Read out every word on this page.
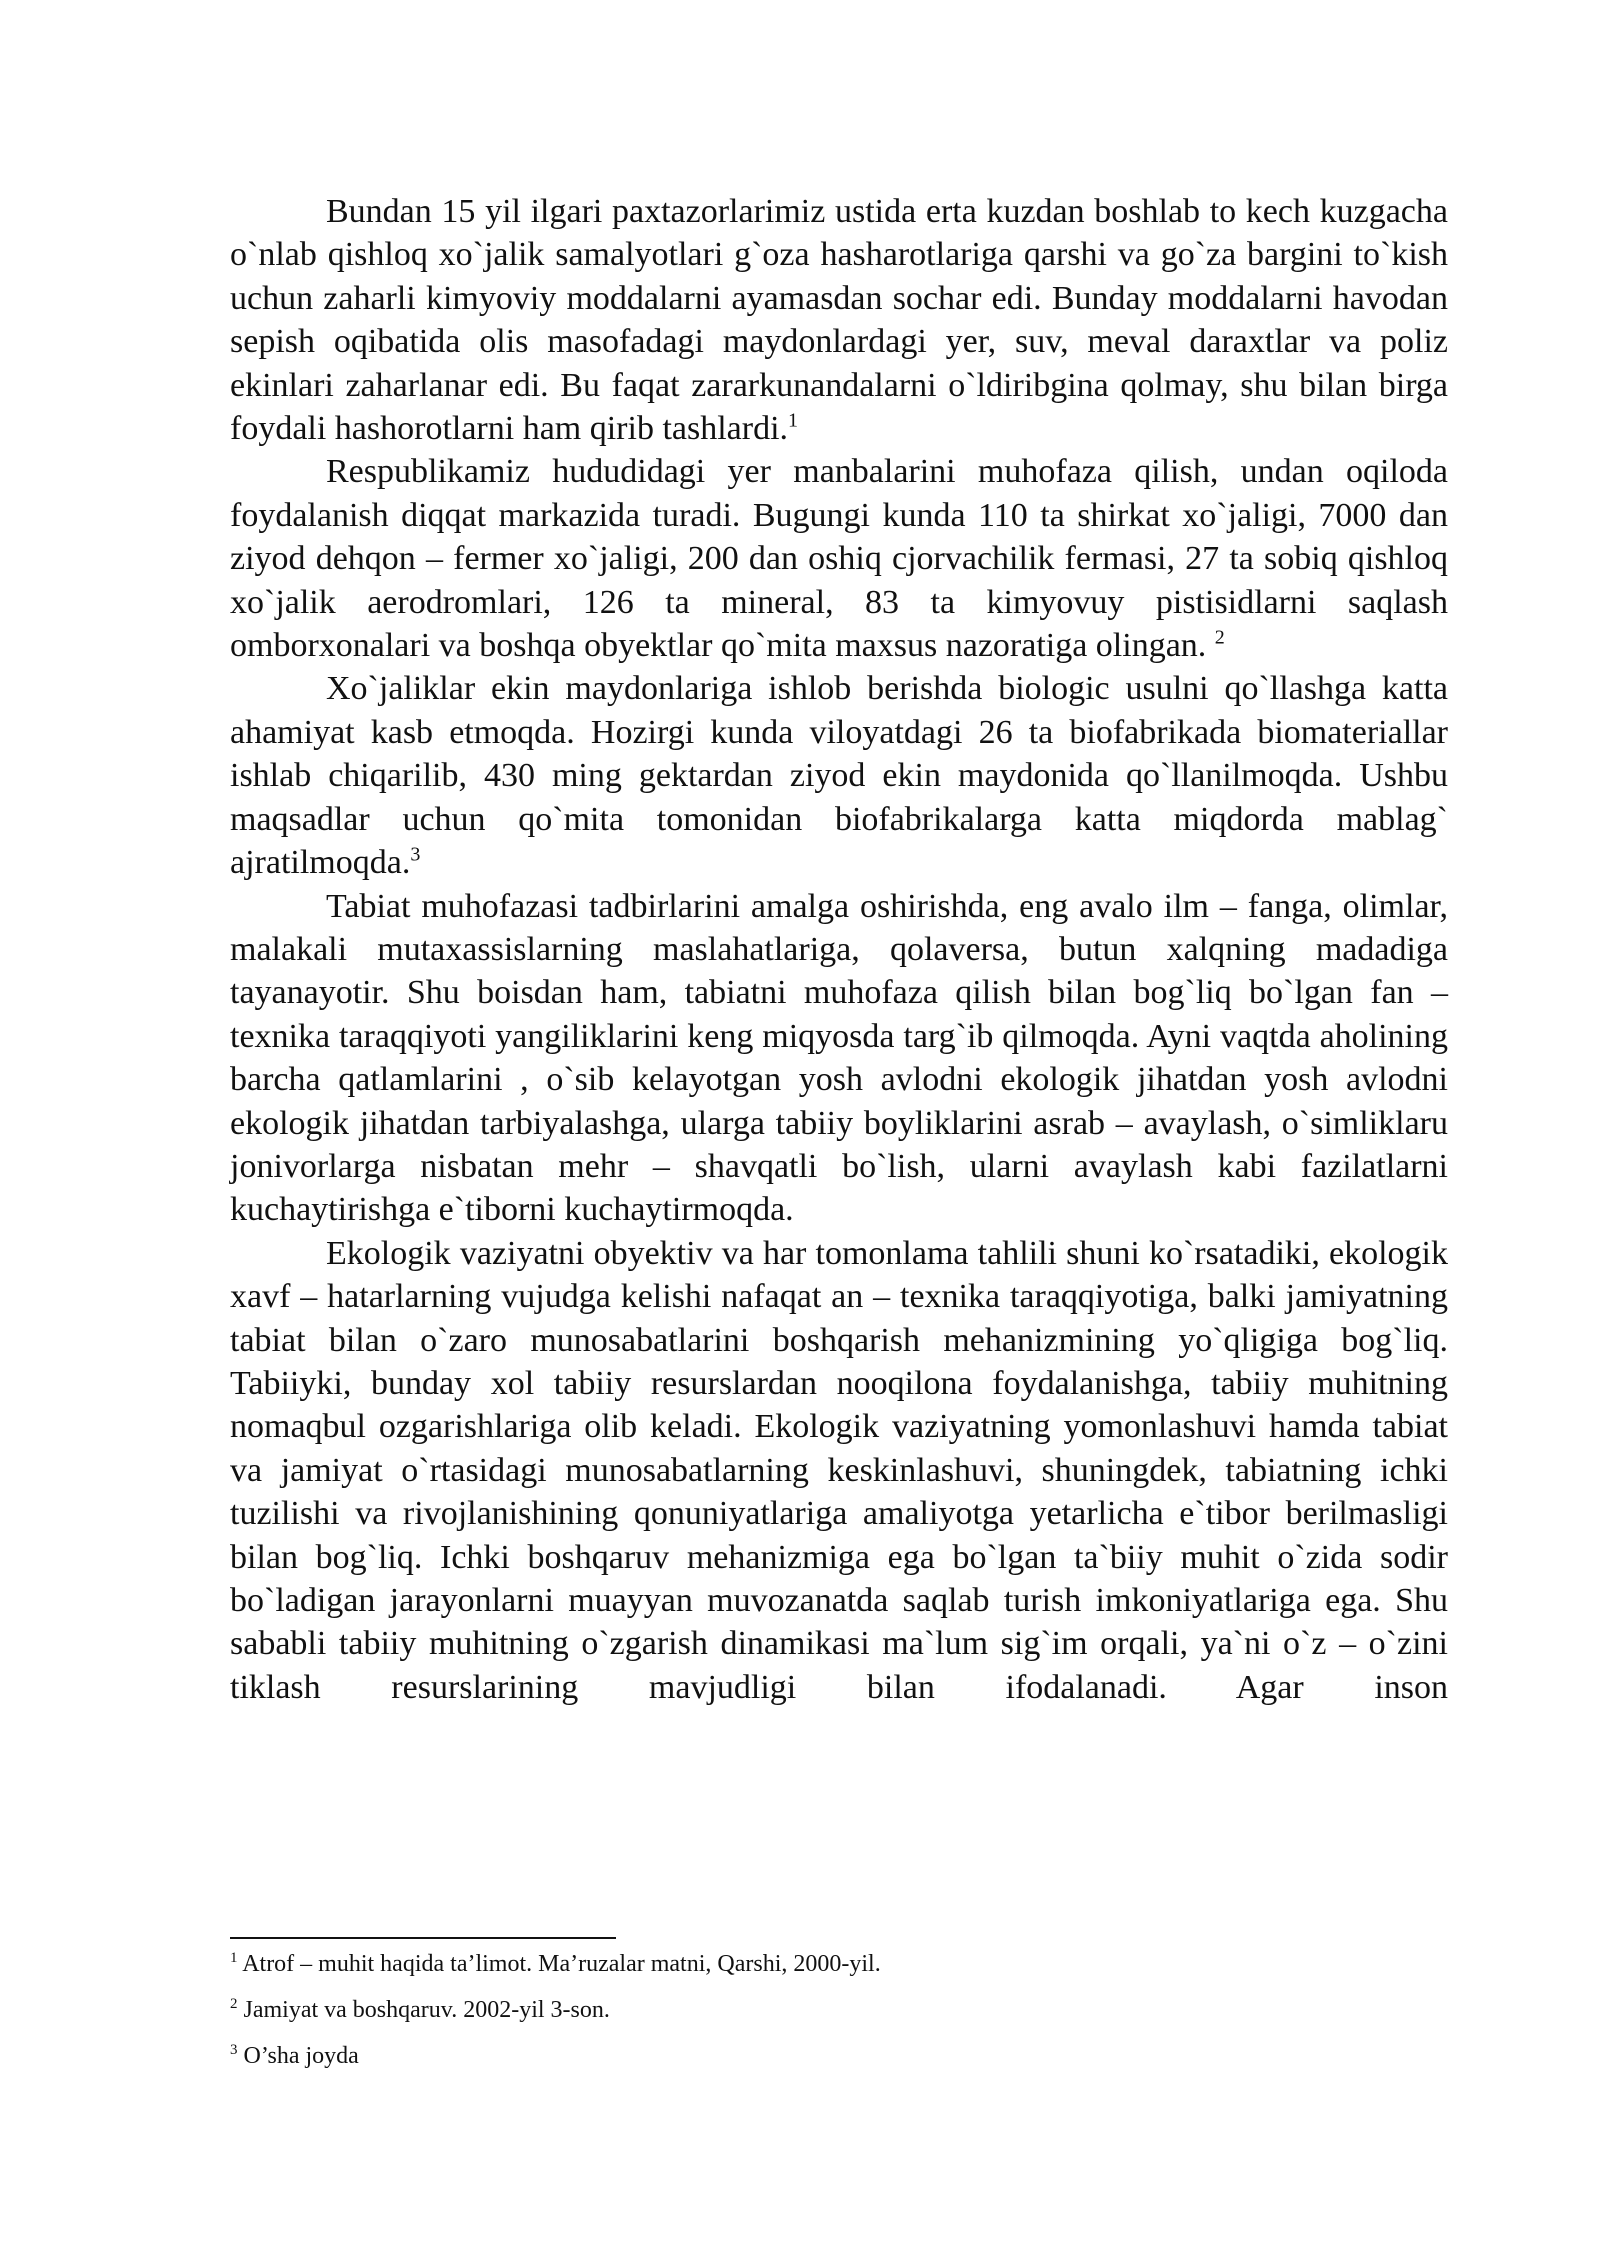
Bundan 15 yil ilgari paxtazorlarimiz ustida erta kuzdan boshlab to kech kuzgacha o`nlab qishloq xo`jalik samalyotlari g`oza hasharotlariga qarshi va go`za bargini to`kish uchun zaharli kimyoviy moddalarni ayamasdan sochar edi. Bunday moddalarni havodan sepish oqibatida olis masofadagi maydonlardagi yer, suv, meval daraxtlar va poliz ekinlari zaharlanar edi. Bu faqat zararkunandalarni o`ldiribgina qolmay, shu bilan birga foydali hashorotlarni ham qirib tashlardi.$^1$

Respublikamiz hududidagi yer manbalarini muhofaza qilish, undan oqiloda foydalanish diqqat markazida turadi. Bugungi kunda 110 ta shirkat xo`jaligi, 7000 dan ziyod dehqon – fermer xo`jaligi, 200 dan oshiq cjorvachilik fermasi, 27 ta sobiq qishloq xo`jalik aerodromlari, 126 ta mineral, 83 ta kimyovuy pistisidlarni saqlash omborxonalari va boshqa obyektlar qo`mita maxsus nazoratiga olingan. $^2$

Xo`jaliklar ekin maydonlariga ishlob berishda biologic usulni qo`llashga katta ahamiyat kasb etmoqda. Hozirgi kunda viloyatdagi 26 ta biofabrikada biomateriallar ishlab chiqarilib, 430 ming gektardan ziyod ekin maydonida qo`llanilmoqda. Ushbu maqsadlar uchun qo`mita tomonidan biofabrikalarga katta miqdorda mablag` ajratilmoqda.$^3$

Tabiat muhofazasi tadbirlarini amalga oshirishda, eng avalo ilm – fanga, olimlar, malakali mutaxassislarning maslahatlariga, qolaversa, butun xalqning madadiga tayanayotir. Shu boisdan ham, tabiatni muhofaza qilish bilan bog`liq bo`lgan fan – texnika taraqqiyoti yangiliklarini keng miqyosda targ`ib qilmoqda. Ayni vaqtda aholining barcha qatlamlarini , o`sib kelayotgan yosh avlodni ekologik jihatdan yosh avlodni ekologik jihatdan tarbiyalashga, ularga tabiiy boyliklarini asrab – avaylash, o`simliklaru jonivorlarga nisbatan mehr – shavqatli bo`lish, ularni avaylash kabi fazilatlarni kuchaytirishga e`tiborni kuchaytirmoqda.

Ekologik vaziyatni obyektiv va har tomonlama tahlili shuni ko`rsatadiki, ekologik xavf – hatarlarning vujudga kelishi nafaqat an – texnika taraqqiyotiga, balki jamiyatning tabiat bilan o`zaro munosabatlarini boshqarish mehanizmining yo`qligiga bog`liq. Tabiiyki, bunday xol tabiiy resurslardan nooqilona foydalanishga, tabiiy muhitning nomaqbul ozgarishlariga olib keladi. Ekologik vaziyatning yomonlashuvi hamda tabiat va jamiyat o`rtasidagi munosabatlarning keskinlashuvi, shuningdek, tabiatning ichki tuzilishi va rivojlanishining qonuniyatlariga amaliyotga yetarlicha e`tibor berilmasligi bilan bog`liq. Ichki boshqaruv mehanizmiga ega bo`lgan ta`biiy muhit o`zida sodir bo`ladigan jarayonlarni muayyan muvozanatda saqlab turish imkoniyatlariga ega. Shu sababli tabiiy muhitning o`zgarish dinamikasi ma`lum sig`im orqali, ya`ni o`z – o`zini tiklash resurslarining mavjudligi bilan ifodalanadi. Agar inson

$^1$ Atrof – muhit haqida ta’limot. Ma’ruzalar matni, Qarshi, 2000-yil.

$^2$ Jamiyat va boshqaruv. 2002-yil 3-son.

$^3$ O’sha joyda
